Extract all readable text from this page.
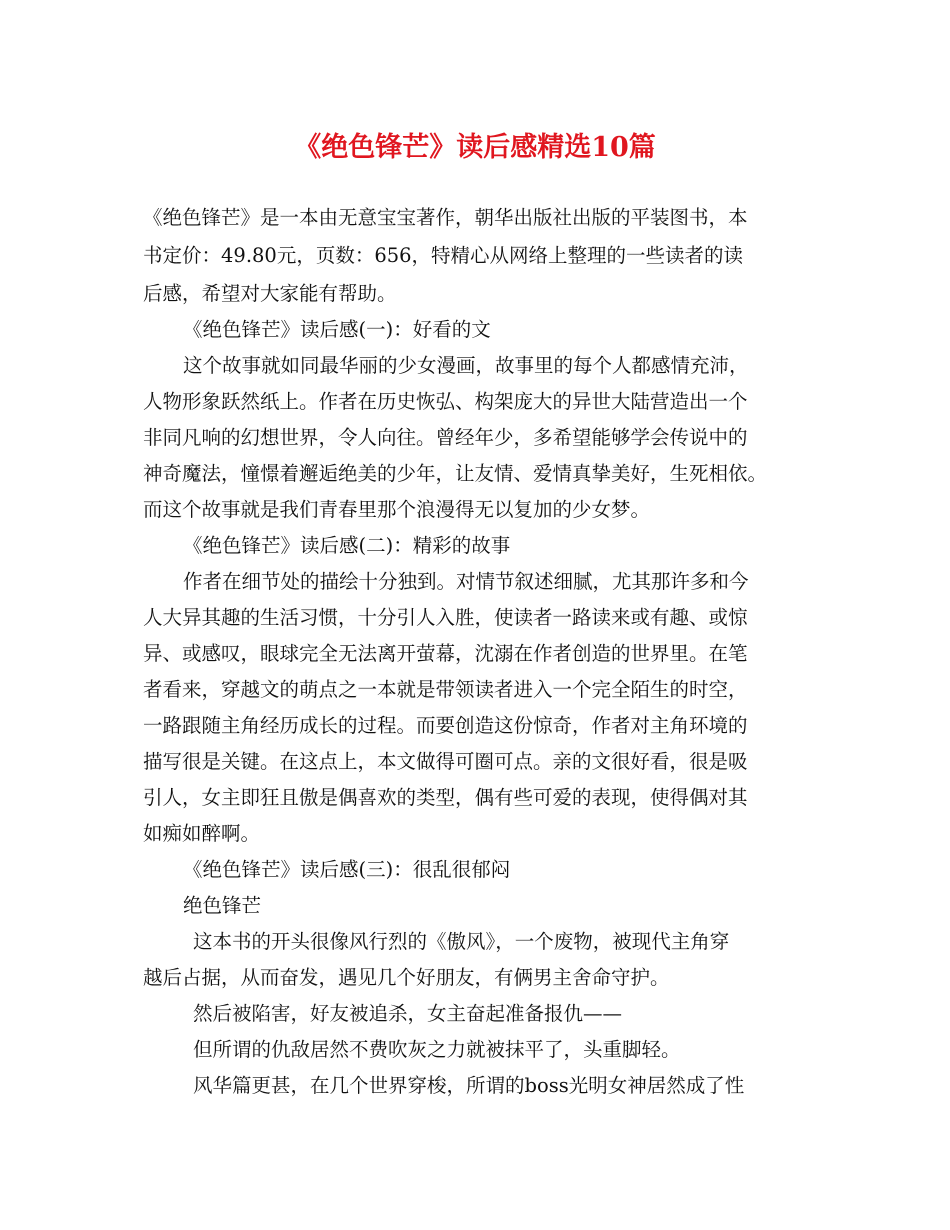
《绝色锋芒》读后感精选10篇
《绝色锋芒》是一本由无意宝宝著作，朝华出版社出版的平装图书，本
书定价：49.80元，页数：656，特精心从网络上整理的一些读者的读
后感，希望对大家能有帮助。
《绝色锋芒》读后感(一)：好看的文
这个故事就如同最华丽的少女漫画，故事里的每个人都感情充沛，
人物形象跃然纸上。作者在历史恢弘、构架庞大的异世大陆营造出一个
非同凡响的幻想世界，令人向往。曾经年少，多希望能够学会传说中的
神奇魔法，憧憬着邂逅绝美的少年，让友情、爱情真挚美好，生死相依。
而这个故事就是我们青春里那个浪漫得无以复加的少女梦。
《绝色锋芒》读后感(二)：精彩的故事
作者在细节处的描绘十分独到。对情节叙述细腻，尤其那许多和今
人大异其趣的生活习惯，十分引人入胜，使读者一路读来或有趣、或惊
异、或感叹，眼球完全无法离开萤幕，沈溺在作者创造的世界里。在笔
者看来，穿越文的萌点之一本就是带领读者进入一个完全陌生的时空，
一路跟随主角经历成长的过程。而要创造这份惊奇，作者对主角环境的
描写很是关键。在这点上，本文做得可圈可点。亲的文很好看，很是吸
引人，女主即狂且傲是偶喜欢的类型，偶有些可爱的表现，使得偶对其
如痴如醉啊。
《绝色锋芒》读后感(三)：很乱很郁闷
绝色锋芒
这本书的开头很像风行烈的《傲风》，一个废物，被现代主角穿
越后占据，从而奋发，遇见几个好朋友，有俩男主舍命守护。
然后被陷害，好友被追杀，女主奋起准备报仇——
但所谓的仇敌居然不费吹灰之力就被抹平了，头重脚轻。
风华篇更甚，在几个世界穿梭，所谓的boss光明女神居然成了性
